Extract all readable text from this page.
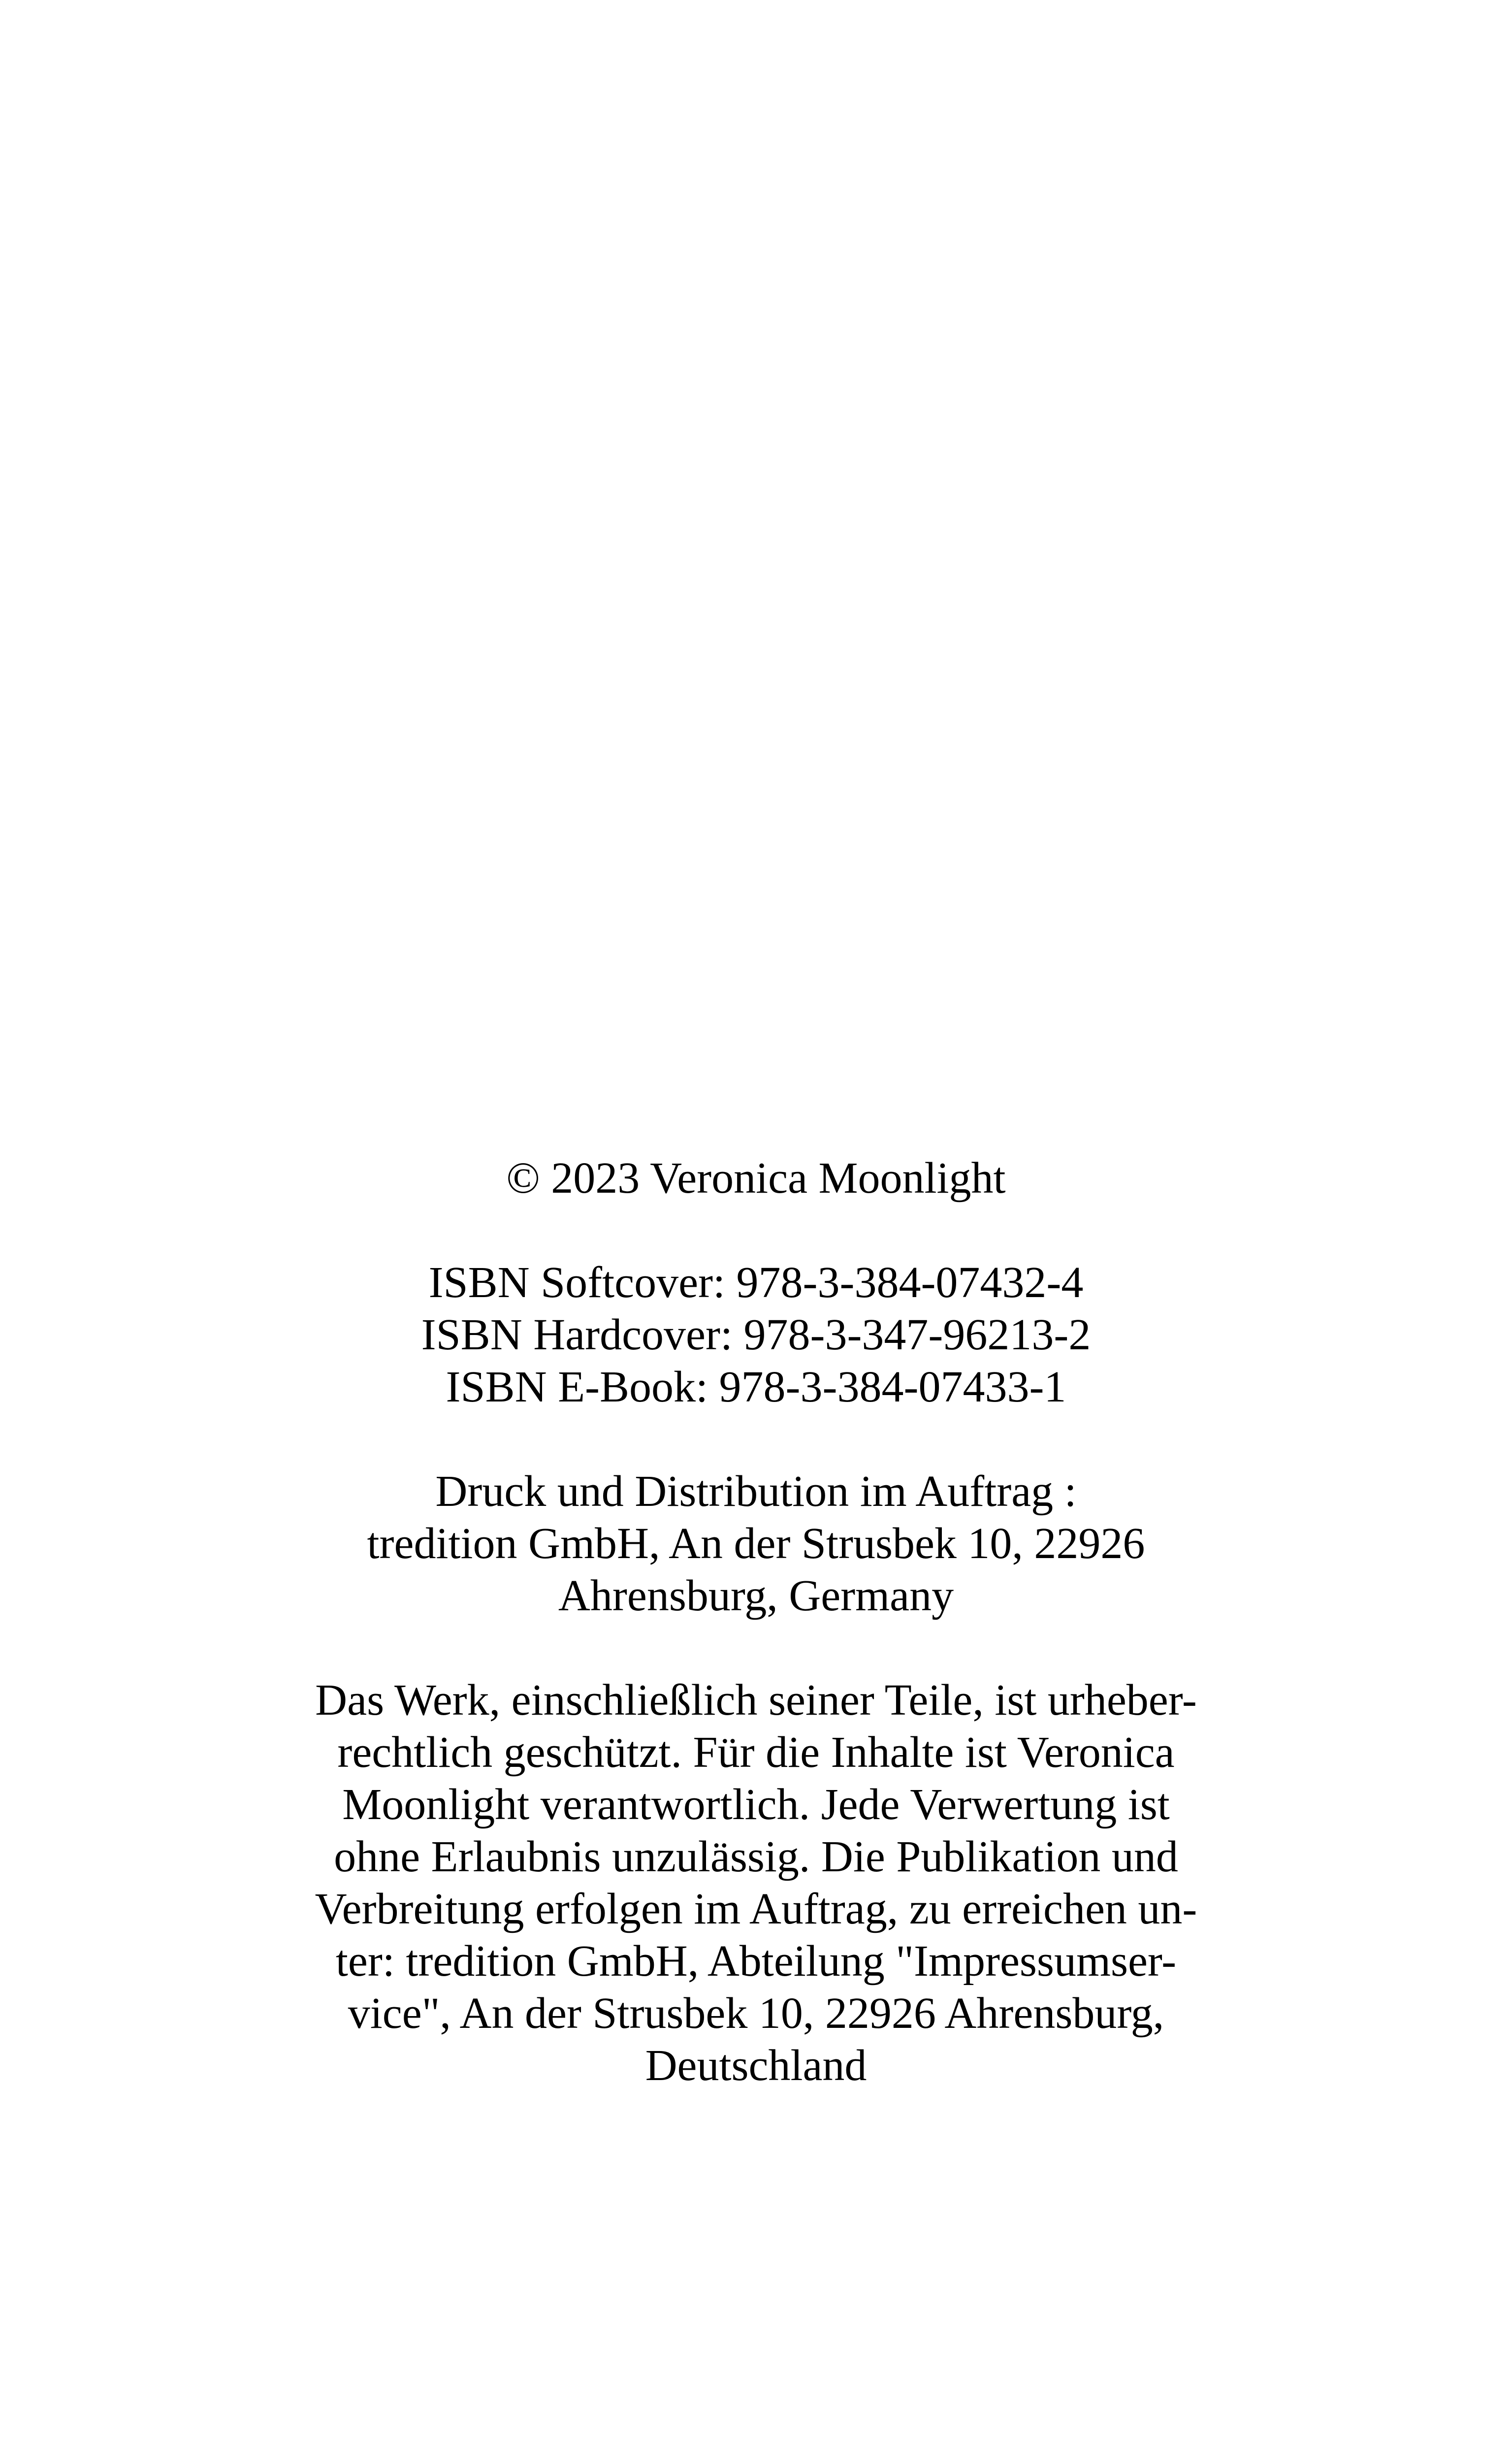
© 2023 Veronica Moonlight
ISBN Softcover: 978-3-384-07432-4
ISBN Hardcover: 978-3-347-96213-2
ISBN E-Book: 978-3-384-07433-1
Druck und Distribution im Auftrag :
tredition GmbH, An der Strusbek 10, 22926
Ahrensburg, Germany
Das Werk, einschließlich seiner Teile, ist urheber-
rechtlich geschützt. Für die Inhalte ist Veronica
Moonlight verantwortlich. Jede Verwertung ist
ohne Erlaubnis unzulässig. Die Publikation und
Verbreitung erfolgen im Auftrag, zu erreichen un-
ter: tredition GmbH, Abteilung "Impressumser-
vice", An der Strusbek 10, 22926 Ahrensburg,
Deutschland
